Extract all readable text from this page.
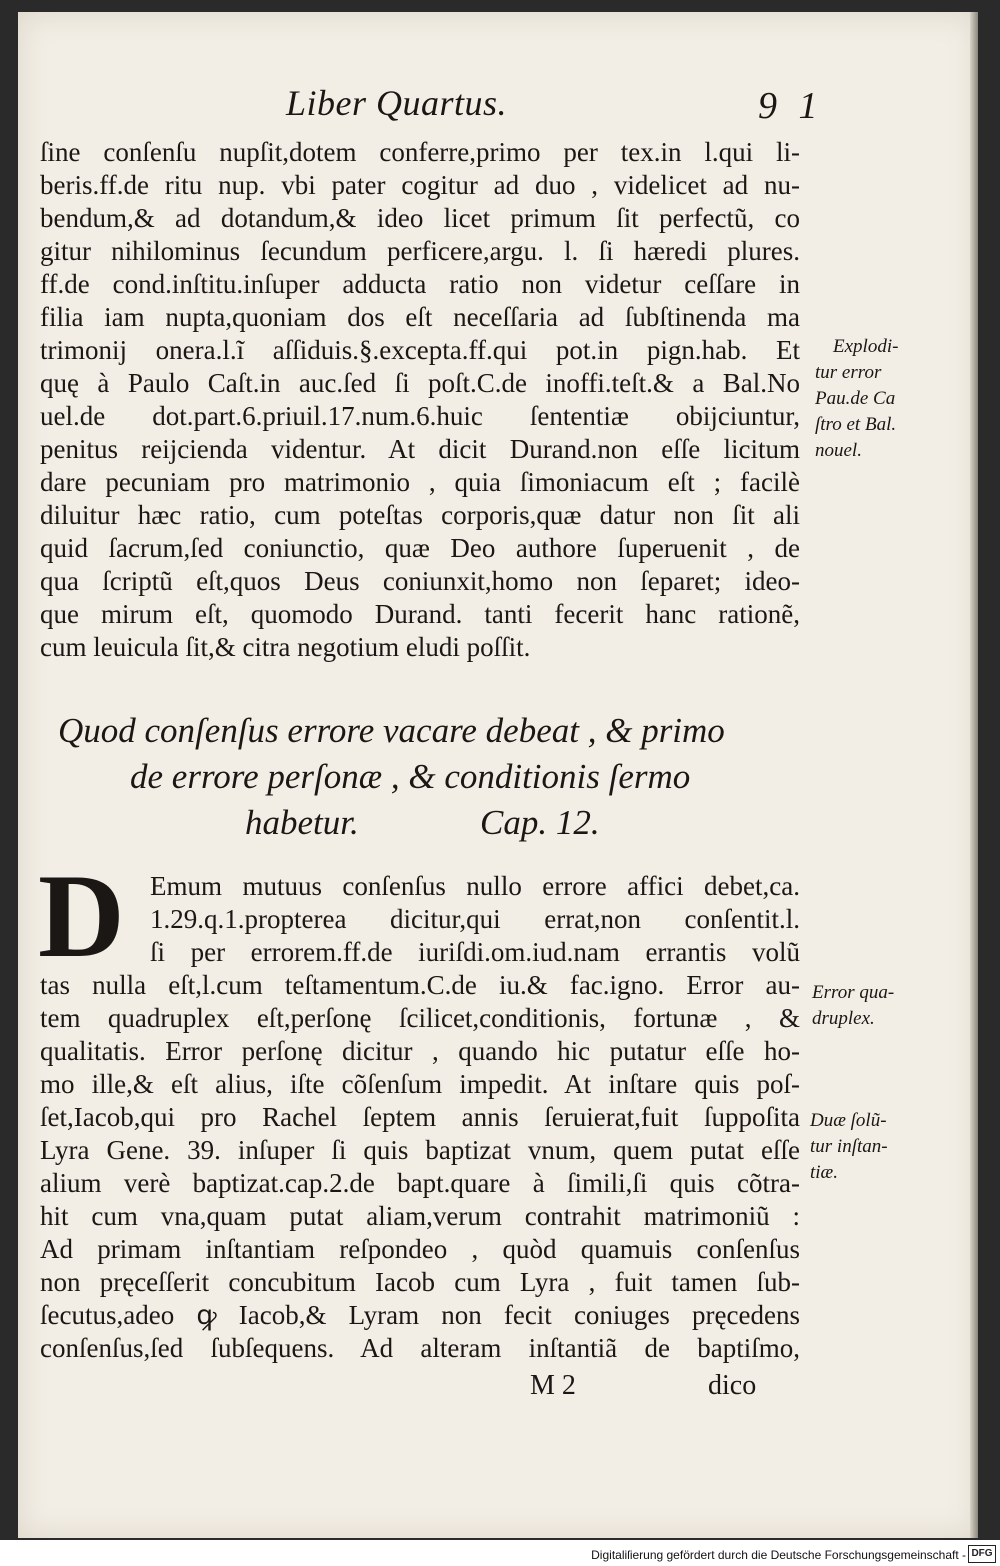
Liber Quartus.	9 1
ſine conſenſu nupſit,dotem conferre,primo per tex.in l.qui li-
beris.ff.de ritu nup. vbi pater cogitur ad duo , videlicet ad nu-
bendum,& ad dotandum,& ideo licet primum ſit perfectũ, co
gitur nihilominus ſecundum perficere,argu. l. ſi hæredi plures.
ff.de cond.inſtitu.inſuper adducta ratio non videtur ceſſare in
filia iam nupta,quoniam dos eſt neceſſaria ad ſubſtinenda ma
trimonij onera.l.ĩ aſſiduis.§.excepta.ff.qui pot.in pign.hab. Et
quę à Paulo Caſt.in auc.ſed ſi poſt.C.de inoffi.teſt.& a Bal.No
uel.de dot.part.6.priuil.17.num.6.huic ſententiæ obijciuntur,
penitus reijcienda videntur. At dicit Durand.non eſſe licitum
dare pecuniam pro matrimonio , quia ſimoniacum eſt ; facilè
diluitur hæc ratio, cum poteſtas corporis,quæ datur non ſit ali
quid ſacrum,ſed coniunctio, quæ Deo authore ſuperuenit , de
qua ſcriptũ eſt,quos Deus coniunxit,homo non ſeparet; ideo-
que mirum eſt, quomodo Durand. tanti fecerit hanc rationẽ,
cum leuicula ſit,& citra negotium eludi poſſit.
Quod conſenſus errore vacare debeat , & primo
de errore perſonæ , & conditionis ſermo
habetur.	Cap. 12.
D Emum mutuus conſenſus nullo errore affici debet,ca.
1.29.q.1.propterea dicitur,qui errat,non conſentit.l.
ſi per errorem.ff.de iuriſdi.om.iud.nam errantis volũ
tas nulla eſt,l.cum teſtamentum.C.de iu.& fac.igno. Error au-
tem quadruplex eſt,perſonę ſcilicet,conditionis, fortunæ , &
qualitatis. Error perſonę dicitur , quando hic putatur eſſe ho-
mo ille,& eſt alius, iſte cõſenſum impedit. At inſtare quis poſ-
ſet,Iacob,qui pro Rachel ſeptem annis ſeruierat,fuit ſuppoſita
Lyra Gene. 39. inſuper ſi quis baptizat vnum, quem putat eſſe
alium verè baptizat.cap.2.de bapt.quare à ſimili,ſi quis cõtra-
hit cum vna,quam putat aliam,verum contrahit matrimoniũ :
Ad primam inſtantiam reſpondeo , quòd quamuis conſenſus
non pręceſſerit concubitum Iacob cum Lyra , fuit tamen ſub-
ſecutus,adeo ꝙ Iacob,& Lyram non fecit coniuges pręcedens
conſenſus,ſed ſubſequens. Ad alteram inſtantiã de baptiſmo,
M 2	dico
Explodi-
tur error
Pau.de Ca
ſtro et Bal.
nouel.
Error qua-
druplex.
Duæ ſolũ-
tur inſtan-
tiæ.
Digitaliſierung gefördert durch die Deutsche Forschungsgemeinschaft - DFG
